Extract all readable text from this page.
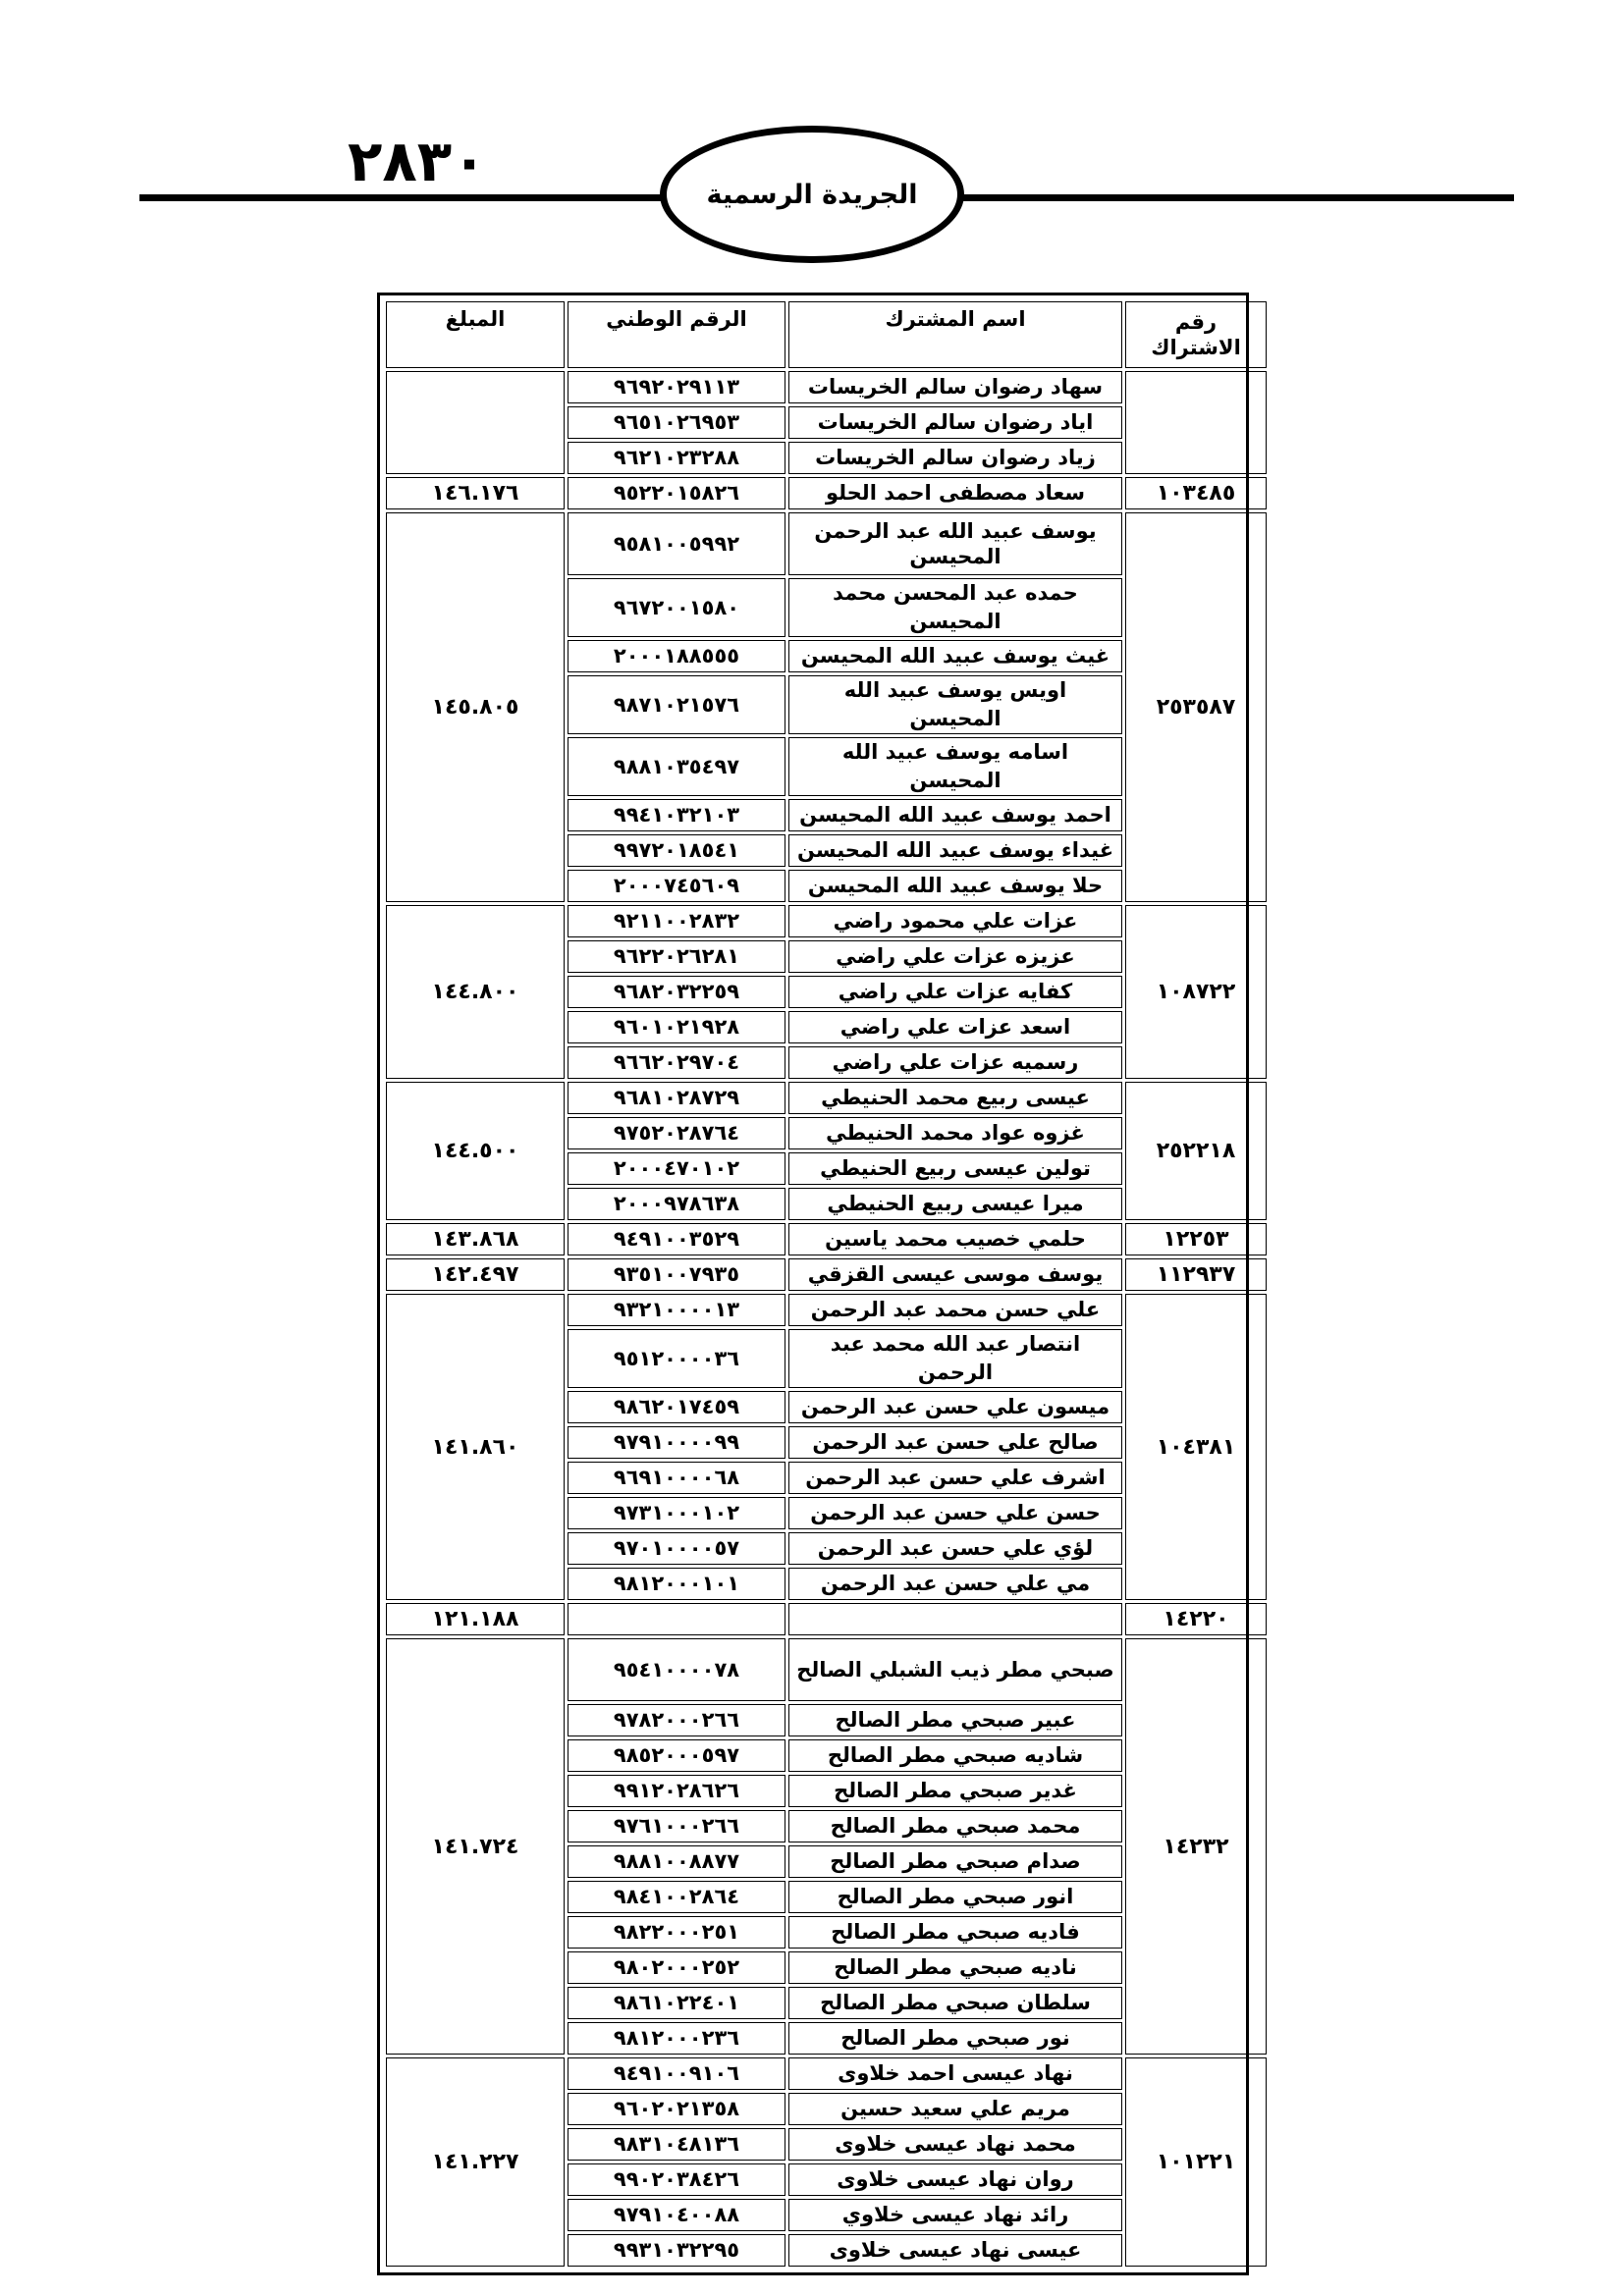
٢٨٣٠	الجريدة الرسمية
رقم الاشتراك	اسم المشترك	الرقم الوطني	المبلغ
	سهاد رضوان سالم الخريسات	٩٦٩٢٠٢٩١١٣	
	اياد رضوان سالم الخريسات	٩٦٥١٠٢٦٩٥٣	
	زياد رضوان سالم الخريسات	٩٦٢١٠٢٣٢٨٨	
١٠٣٤٨٥	سعاد مصطفى احمد الحلو	٩٥٢٢٠١٥٨٢٦	١٤٦.١٧٦
٢٥٣٥٨٧	يوسف عبيد الله عبد الرحمن المحيسن	٩٥٨١٠٠٥٩٩٢	١٤٥.٨٠٥
	حمده عبد المحسن محمد المحيسن	٩٦٧٢٠٠١٥٨٠	
	غيث يوسف عبيد الله المحيسن	٢٠٠٠١٨٨٥٥٥	
	اويس يوسف عبيد الله المحيسن	٩٨٧١٠٢١٥٧٦	
	اسامه يوسف عبيد الله المحيسن	٩٨٨١٠٣٥٤٩٧	
	احمد يوسف عبيد الله المحيسن	٩٩٤١٠٣٢١٠٣	
	غيداء يوسف عبيد الله المحيسن	٩٩٧٢٠١٨٥٤١	
	حلا يوسف عبيد الله المحيسن	٢٠٠٠٧٤٥٦٠٩	
١٠٨٧٢٢	عزات علي محمود راضي	٩٢١١٠٠٢٨٣٢	١٤٤.٨٠٠
	عزيزه عزات علي راضي	٩٦٢٢٠٢٦٢٨١	
	كفايه عزات علي راضي	٩٦٨٢٠٣٢٢٥٩	
	اسعد عزات علي راضي	٩٦٠١٠٢١٩٢٨	
	رسميه عزات علي راضي	٩٦٦٢٠٢٩٧٠٤	
٢٥٢٢١٨	عيسى ربيع محمد الحنيطي	٩٦٨١٠٢٨٧٢٩	١٤٤.٥٠٠
	غزوه عواد محمد الحنيطي	٩٧٥٢٠٢٨٧٦٤	
	تولين عيسى ربيع الحنيطي	٢٠٠٠٤٧٠١٠٢	
	ميرا عيسى ربيع الحنيطي	٢٠٠٠٩٧٨٦٣٨	
١٢٢٥٣	حلمي خصيب محمد ياسين	٩٤٩١٠٠٣٥٢٩	١٤٣.٨٦٨
١١٢٩٣٧	يوسف موسى عيسى القزقي	٩٣٥١٠٠٧٩٣٥	١٤٢.٤٩٧
١٠٤٣٨١	علي حسن محمد عبد الرحمن	٩٣٢١٠٠٠٠١٣	١٤١.٨٦٠
	انتصار عبد الله محمد عبد الرحمن	٩٥١٢٠٠٠٠٣٦	
	ميسون علي حسن عبد الرحمن	٩٨٦٢٠١٧٤٥٩	
	صالح علي حسن عبد الرحمن	٩٧٩١٠٠٠٠٩٩	
	اشرف علي حسن عبد الرحمن	٩٦٩١٠٠٠٠٦٨	
	حسن علي حسن عبد الرحمن	٩٧٣١٠٠٠١٠٢	
	لؤي علي حسن عبد الرحمن	٩٧٠١٠٠٠٠٥٧	
	مي علي حسن عبد الرحمن	٩٨١٢٠٠٠١٠١	
١٤٢٢٠			١٢١.١٨٨
١٤٢٣٢	صبحي مطر ذيب الشبلي الصالح	٩٥٤١٠٠٠٠٧٨	١٤١.٧٢٤
	عبير صبحي مطر الصالح	٩٧٨٢٠٠٠٢٦٦	
	شاديه صبحي مطر الصالح	٩٨٥٢٠٠٠٥٩٧	
	غدير صبحي مطر الصالح	٩٩١٢٠٢٨٦٢٦	
	محمد صبحي مطر الصالح	٩٧٦١٠٠٠٢٦٦	
	صدام صبحي مطر الصالح	٩٨٨١٠٠٨٨٧٧	
	انور صبحي مطر الصالح	٩٨٤١٠٠٢٨٦٤	
	فاديه صبحي مطر الصالح	٩٨٢٢٠٠٠٢٥١	
	ناديه صبحي مطر الصالح	٩٨٠٢٠٠٠٢٥٢	
	سلطان صبحي مطر الصالح	٩٨٦١٠٢٢٤٠١	
	نور صبحي مطر الصالح	٩٨١٢٠٠٠٢٣٦	
١٠١٢٢١	نهاد عيسى احمد خلاوى	٩٤٩١٠٠٩١٠٦	١٤١.٢٢٧
	مريم علي سعيد حسين	٩٦٠٢٠٢١٣٥٨	
	محمد نهاد عيسى خلاوى	٩٨٣١٠٤٨١٣٦	
	روان نهاد عيسى خلاوى	٩٩٠٢٠٣٨٤٢٦	
	رائد نهاد عيسى خلاوي	٩٧٩١٠٤٠٠٨٨	
	عيسى نهاد عيسى خلاوى	٩٩٣١٠٣٢٢٩٥	
